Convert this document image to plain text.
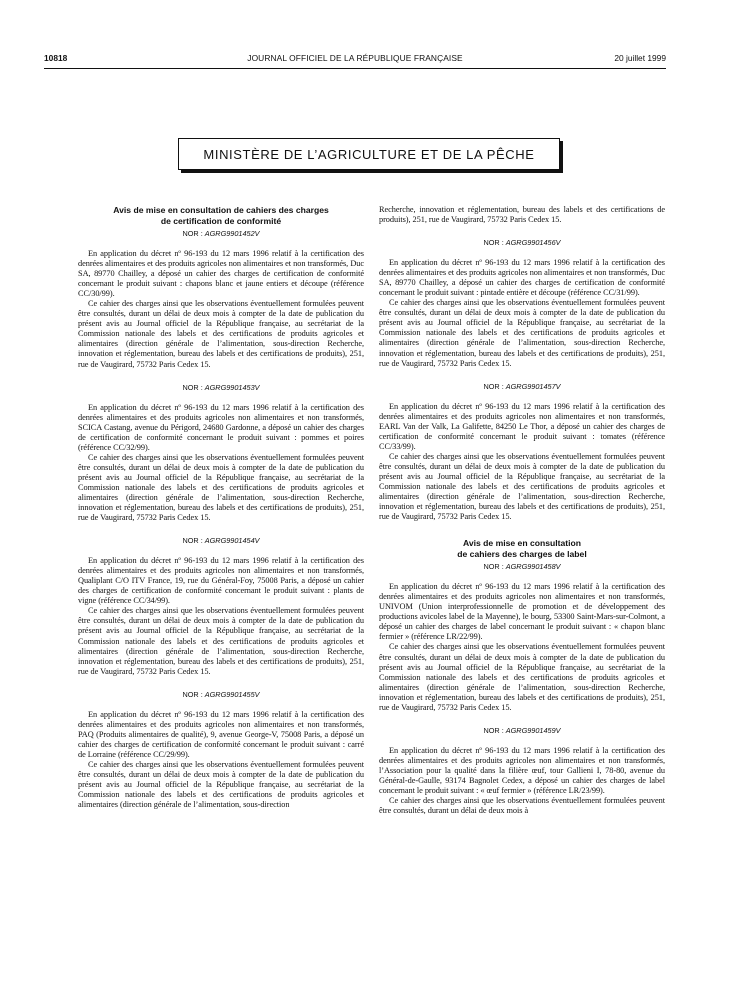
10818	JOURNAL OFFICIEL DE LA RÉPUBLIQUE FRANÇAISE	20 juillet 1999
MINISTÈRE DE L’AGRICULTURE ET DE LA PÊCHE
Avis de mise en consultation de cahiers des charges
de certification de conformité
NOR : AGRG9901452V

En application du décret nº 96-193 du 12 mars 1996 relatif à la certification des denrées alimentaires et des produits agricoles non alimentaires et non transformés, Duc SA, 89770 Chailley, a déposé un cahier des charges de certification de conformité concernant le produit suivant : chapons blanc et jaune entiers et découpe (référence CC/30/99).

Ce cahier des charges ainsi que les observations éventuellement formulées peuvent être consultés, durant un délai de deux mois à compter de la date de publication du présent avis au Journal officiel de la République française, au secrétariat de la Commission nationale des labels et des certifications de produits agricoles et alimentaires (direction générale de l’alimentation, sous-direction Recherche, innovation et réglementation, bureau des labels et des certifications de produits), 251, rue de Vaugirard, 75732 Paris Cedex 15.

NOR : AGRG9901453V

En application du décret nº 96-193 du 12 mars 1996 relatif à la certification des denrées alimentaires et des produits agricoles non alimentaires et non transformés, SCICA Castang, avenue du Périgord, 24680 Gardonne, a déposé un cahier des charges de certification de conformité concernant le produit suivant : pommes et poires (référence CC/32/99).

Ce cahier des charges ainsi que les observations éventuellement formulées peuvent être consultés, durant un délai de deux mois à compter de la date de publication du présent avis au Journal officiel de la République française, au secrétariat de la Commission nationale des labels et des certifications de produits agricoles et alimentaires (direction générale de l’alimentation, sous-direction Recherche, innovation et réglementation, bureau des labels et des certifications de produits), 251, rue de Vaugirard, 75732 Paris Cedex 15.

NOR : AGRG9901454V

En application du décret nº 96-193 du 12 mars 1996 relatif à la certification des denrées alimentaires et des produits agricoles non alimentaires et non transformés, Qualiplant C/O ITV France, 19, rue du Général-Foy, 75008 Paris, a déposé un cahier des charges de certification de conformité concernant le produit suivant : plants de vigne (référence CC/34/99).

Ce cahier des charges ainsi que les observations éventuellement formulées peuvent être consultés, durant un délai de deux mois à compter de la date de publication du présent avis au Journal officiel de la République française, au secrétariat de la Commission nationale des labels et des certifications de produits agricoles et alimentaires (direction générale de l’alimentation, sous-direction Recherche, innovation et réglementation, bureau des labels et des certifications de produits), 251, rue de Vaugirard, 75732 Paris Cedex 15.

NOR : AGRG9901455V

En application du décret nº 96-193 du 12 mars 1996 relatif à la certification des denrées alimentaires et des produits agricoles non alimentaires et non transformés, PAQ (Produits alimentaires de qualité), 9, avenue George-V, 75008 Paris, a déposé un cahier des charges de certification de conformité concernant le produit suivant : carré de Lorraine (référence CC/29/99).

Ce cahier des charges ainsi que les observations éventuellement formulées peuvent être consultés, durant un délai de deux mois à compter de la date de publication du présent avis au Journal officiel de la République française, au secrétariat de la Commission nationale des labels et des certifications de produits agricoles et alimentaires (direction générale de l’alimentation, sous-direction

Recherche, innovation et réglementation, bureau des labels et des certifications de produits), 251, rue de Vaugirard, 75732 Paris Cedex 15.

NOR : AGRG9901456V

En application du décret nº 96-193 du 12 mars 1996 relatif à la certification des denrées alimentaires et des produits agricoles non alimentaires et non transformés, Duc SA, 89770 Chailley, a déposé un cahier des charges de certification de conformité concernant le produit suivant : pintade entière et découpe (référence CC/31/99).

Ce cahier des charges ainsi que les observations éventuellement formulées peuvent être consultés, durant un délai de deux mois à compter de la date de publication du présent avis au Journal officiel de la République française, au secrétariat de la Commission nationale des labels et des certifications de produits agricoles et alimentaires (direction générale de l’alimentation, sous-direction Recherche, innovation et réglementation, bureau des labels et des certifications de produits), 251, rue de Vaugirard, 75732 Paris Cedex 15.

NOR : AGRG9901457V

En application du décret nº 96-193 du 12 mars 1996 relatif à la certification des denrées alimentaires et des produits agricoles non alimentaires et non transformés, EARL Van der Valk, La Galifette, 84250 Le Thor, a déposé un cahier des charges de certification de conformité concernant le produit suivant : tomates (référence CC/33/99).

Ce cahier des charges ainsi que les observations éventuellement formulées peuvent être consultés, durant un délai de deux mois à compter de la date de publication du présent avis au Journal officiel de la République française, au secrétariat de la Commission nationale des labels et des certifications de produits agricoles et alimentaires (direction générale de l’alimentation, sous-direction Recherche, innovation et réglementation, bureau des labels et des certifications de produits), 251, rue de Vaugirard, 75732 Paris Cedex 15.

Avis de mise en consultation
de cahiers des charges de label
NOR : AGRG9901458V

En application du décret nº 96-193 du 12 mars 1996 relatif à la certification des denrées alimentaires et des produits agricoles non alimentaires et non transformés, UNIVOM (Union interprofessionnelle de promotion et de développement des productions avicoles label de la Mayenne), le bourg, 53300 Saint-Mars-sur-Colmont, a déposé un cahier des charges de label concernant le produit suivant : « chapon blanc fermier » (référence LR/22/99).

Ce cahier des charges ainsi que les observations éventuellement formulées peuvent être consultés, durant un délai de deux mois à compter de la date de publication du présent avis au Journal officiel de la République française, au secrétariat de la Commission nationale des labels et des certifications de produits agricoles et alimentaires (direction générale de l’alimentation, sous-direction Recherche, innovation et réglementation, bureau des labels et des certifications de produits), 251, rue de Vaugirard, 75732 Paris Cedex 15.

NOR : AGRG9901459V

En application du décret nº 96-193 du 12 mars 1996 relatif à la certification des denrées alimentaires et des produits agricoles non alimentaires et non transformés, l’Association pour la qualité dans la filière œuf, tour Gallieni I, 78-80, avenue du Général-de-Gaulle, 93174 Bagnolet Cedex, a déposé un cahier des charges de label concernant le produit suivant : « œuf fermier » (référence LR/23/99).

Ce cahier des charges ainsi que les observations éventuellement formulées peuvent être consultés, durant un délai de deux mois à
